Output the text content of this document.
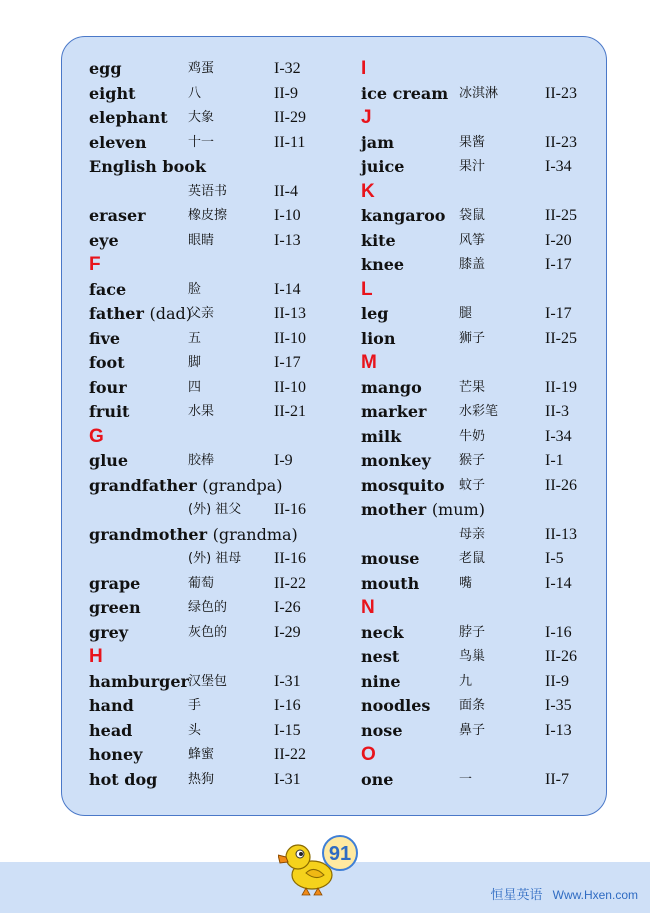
egg	鸡蛋	I-32
eight	八	II-9
elephant 大象	II-29
eleven	十一	II-11
English book
英语书	II-4
eraser	橡皮擦	I-10
eye	眼睛	I-13
F
face	脸	I-14
father (dad)
父亲	II-13
five	五	II-10
foot	脚	I-17
four	四	II-10
fruit	水果	II-21
G
glue	胶棒	I-9
grandfather (grandpa)
(外) 祖父 II-16
grandmother (grandma)
(外) 祖母 II-16
grape	葡萄	II-22
green	绿色的	I-26
grey	灰色的	I-29
H
hamburger 汉堡包	I-31
hand	手	I-16
head	头	I-15
honey	蜂蜜	II-22
hot dog 热狗	I-31
I
ice cream 冰淇淋	II-23
J
jam	果酱	II-23
juice	果汁	I-34
K
kangaroo 袋鼠	II-25
kite	风筝	I-20
knee	膝盖	I-17
L
leg	腿	I-17
lion	狮子	II-25
M
mango	芒果	II-19
marker	水彩笔	II-3
milk	牛奶	I-34
monkey 猴子	I-1
mosquito 蚊子	II-26
mother (mum)
母亲	II-13
mouse	老鼠	I-5
mouth	嘴	I-14
N
neck	脖子	I-16
nest	鸟巢	II-26
nine	九	II-9
noodles 面条	I-35
nose	鼻子	I-13
O
one	一	II-7
91
恒星英语 Www.Hxen.com
